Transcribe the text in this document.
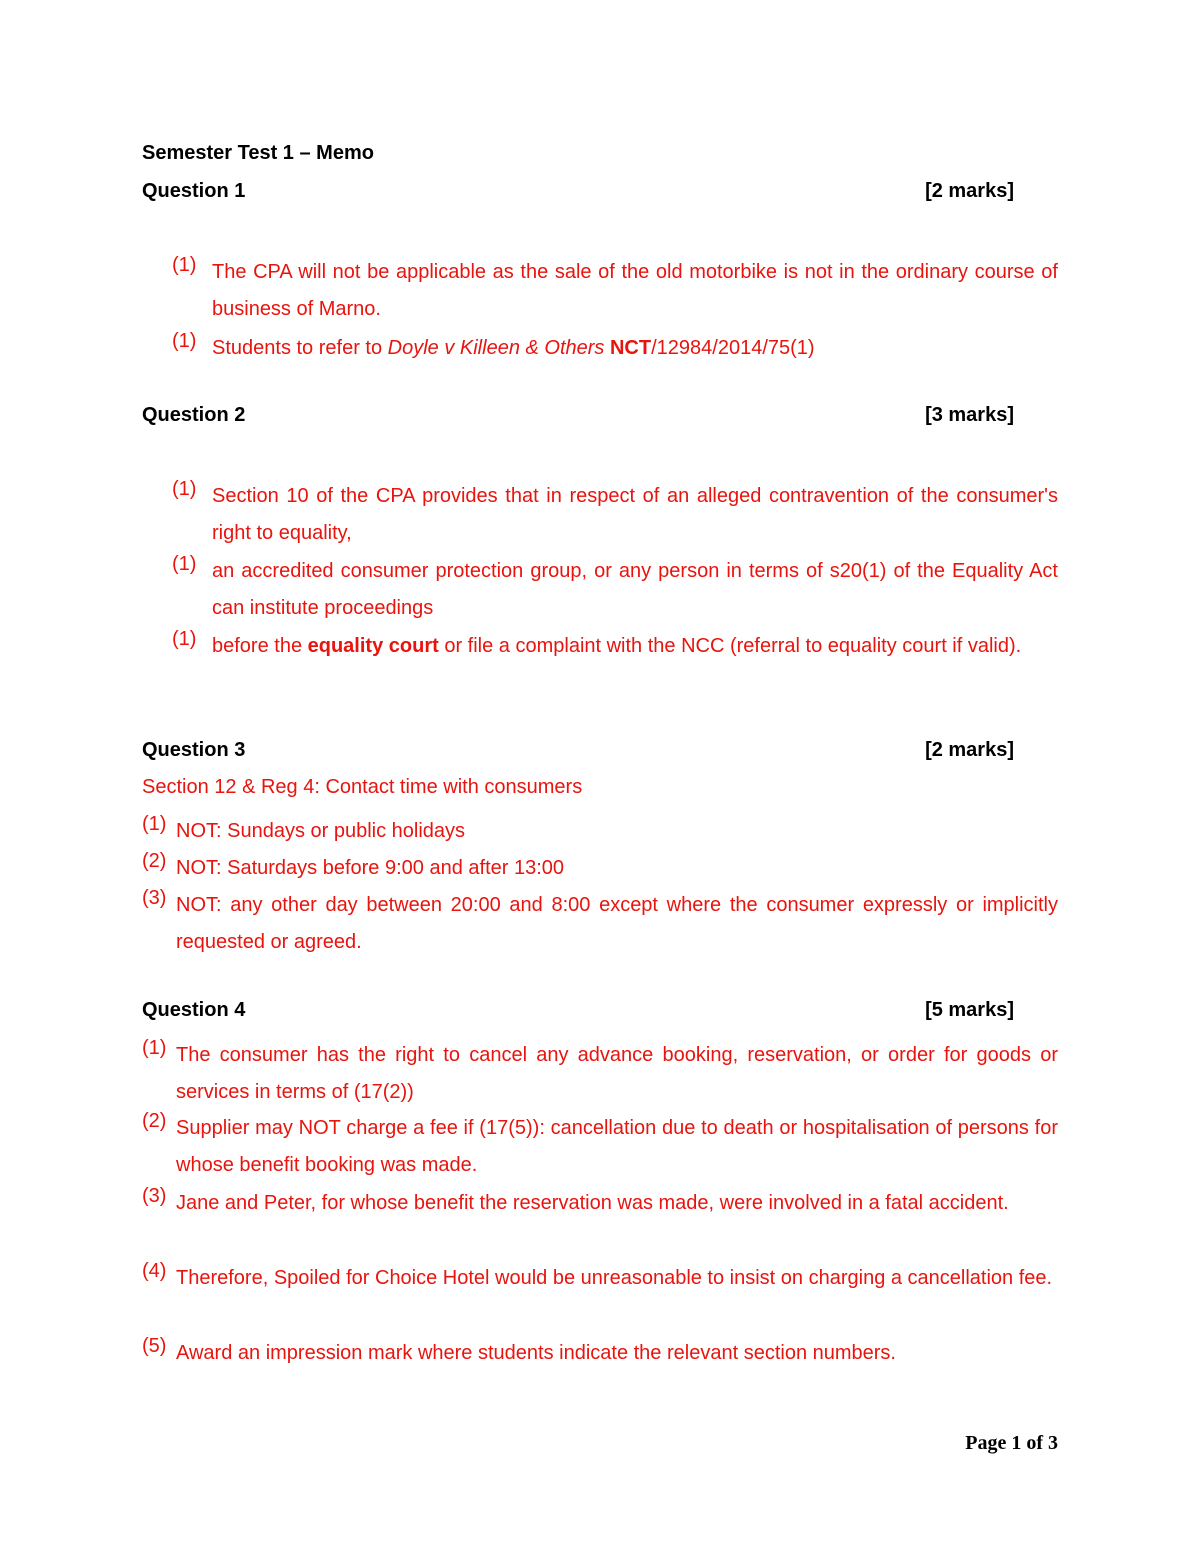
Semester Test 1 – Memo
Question 1	[2 marks]
(1) The CPA will not be applicable as the sale of the old motorbike is not in the ordinary course of business of Marno.
(1) Students to refer to Doyle v Killeen & Others NCT/12984/2014/75(1)
Question 2	[3 marks]
(1) Section 10 of the CPA provides that in respect of an alleged contravention of the consumer's right to equality,
(1) an accredited consumer protection group, or any person in terms of s20(1) of the Equality Act can institute proceedings
(1) before the equality court or file a complaint with the NCC (referral to equality court if valid).
Question 3	[2 marks]
Section 12 & Reg 4: Contact time with consumers
(1) NOT: Sundays or public holidays
(2) NOT: Saturdays before 9:00 and after 13:00
(3) NOT: any other day between 20:00 and 8:00 except where the consumer expressly or implicitly requested or agreed.
Question 4	[5 marks]
(1) The consumer has the right to cancel any advance booking, reservation, or order for goods or services in terms of (17(2))
(2) Supplier may NOT charge a fee if (17(5)): cancellation due to death or hospitalisation of persons for whose benefit booking was made.
(3) Jane and Peter, for whose benefit the reservation was made, were involved in a fatal accident.
(4) Therefore, Spoiled for Choice Hotel would be unreasonable to insist on charging a cancellation fee.
(5) Award an impression mark where students indicate the relevant section numbers.
Page 1 of 3
